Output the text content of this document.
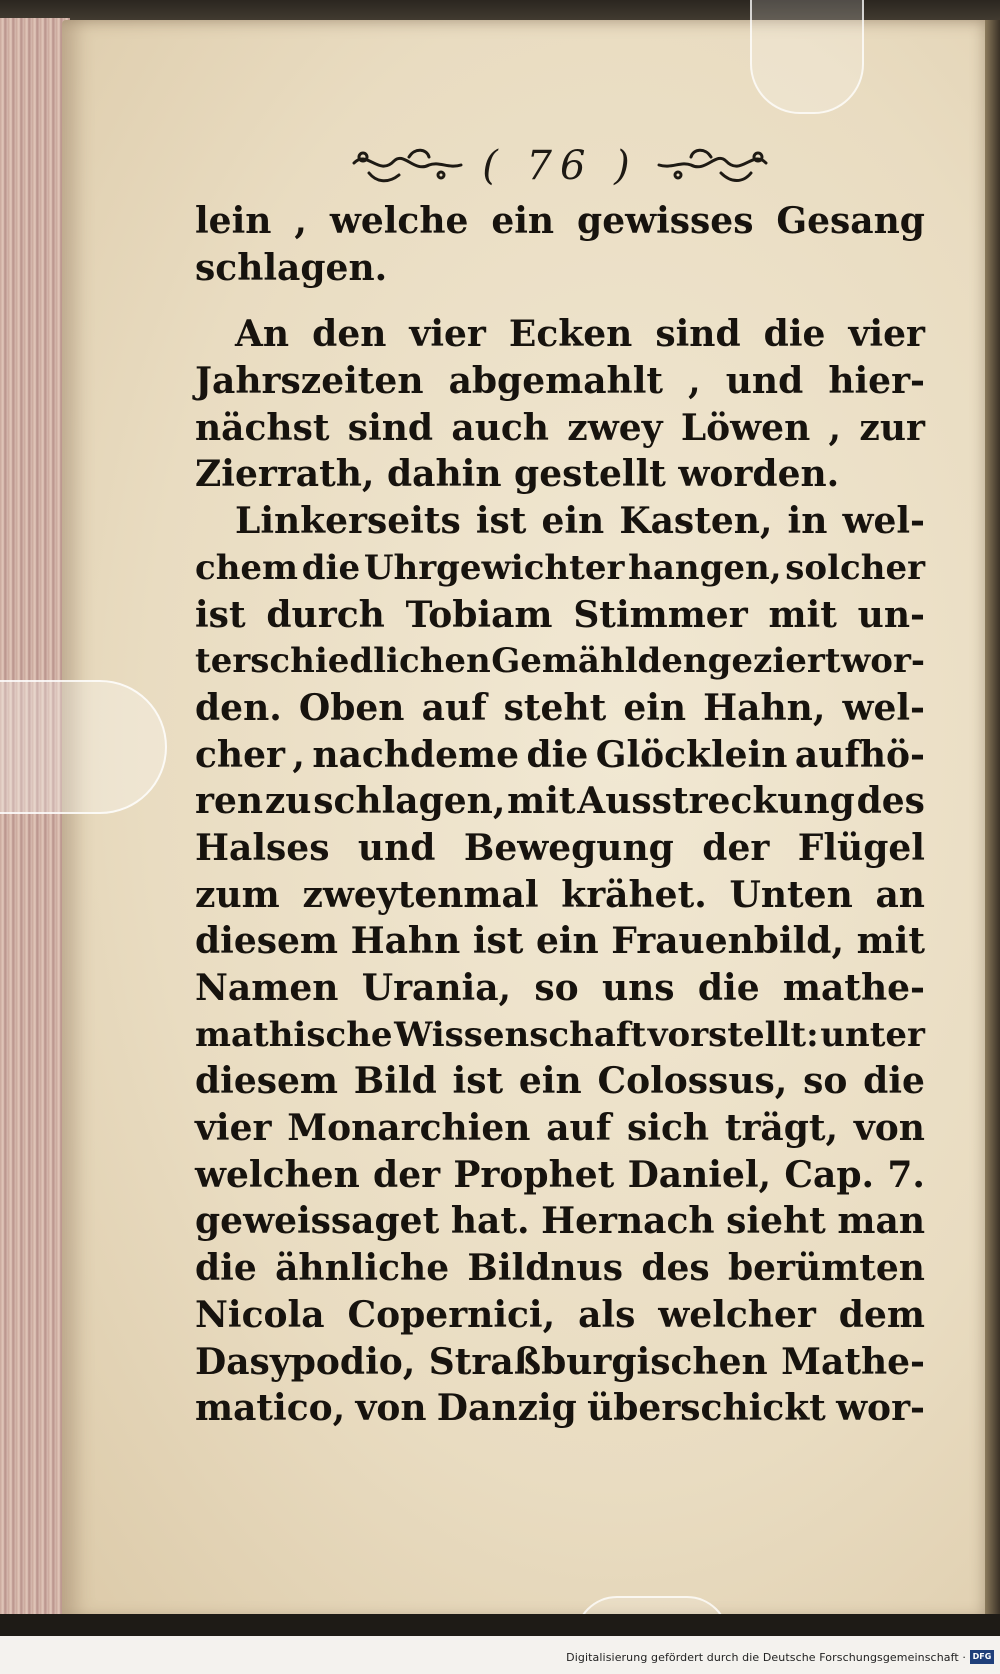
( 76 )
lein , welche ein gewisses Gesang
schlagen.
An den vier Ecken sind die vier
Jahrszeiten abgemahlt , und hier-
nächst sind auch zwey Löwen , zur
Zierrath, dahin gestellt worden.
Linkerseits ist ein Kasten, in wel-
chem die Uhrgewichter hangen, solcher
ist durch Tobiam Stimmer mit un-
terschiedlichen Gemähldengeziert wor-
den. Oben auf steht ein Hahn, wel-
cher , nachdeme die Glöcklein aufhö-
ren zu schlagen, mit Ausstreckung des
Halses und Bewegung der Flügel
zum zweytenmal krähet. Unten an
diesem Hahn ist ein Frauenbild, mit
Namen Urania, so uns die mathe-
mathische Wissenschaft vorstellt: unter
diesem Bild ist ein Colossus, so die
vier Monarchien auf sich trägt, von
welchen der Prophet Daniel, Cap. 7.
geweissaget hat. Hernach sieht man
die ähnliche Bildnus des berümten
Nicola Copernici, als welcher dem
Dasypodio, Straßburgischen Mathe-
matico, von Danzig überschickt wor-
Digitalisierung gefördert durch die Deutsche Forschungsgemeinschaft · DFG
